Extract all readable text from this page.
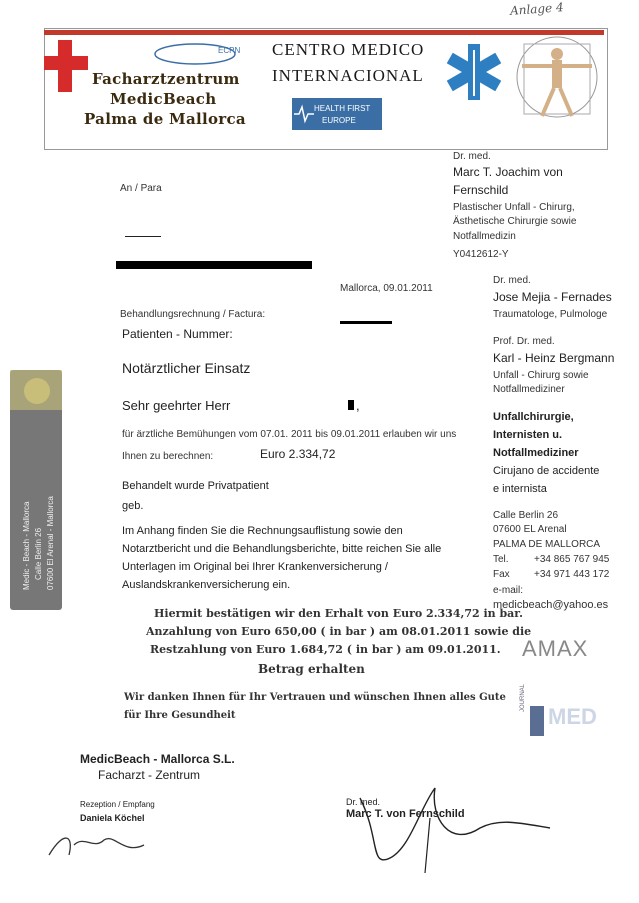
Anlage 4
ECPN
Facharztzentrum
MedicBeach
Palma de Mallorca
CENTRO MEDICO
INTERNACIONAL
HEALTH FIRST
EUROPE
Dr. med.
Marc T. Joachim von
Fernschild
Plastischer Unfall - Chirurg,
Ästhetische Chirurgie sowie
Notfallmedizin
Y0412612-Y
Dr. med.
Jose Mejia - Fernades
Traumatologe, Pulmologe
Prof. Dr. med.
Karl - Heinz Bergmann
Unfall - Chirurg sowie
Notfallmediziner
Unfallchirurgie,
Internisten u.
Notfallmediziner
Cirujano de accidente
e internista
Calle Berlin 26
07600 EL Arenal
PALMA DE MALLORCA
Tel.	+34 865 767 945
Fax +34 971 443 172
e-mail:
medicbeach@yahoo.es
AMAX
MED
JOURNAL
Medic - Beach - Mallorca Calle Berlin 26 07600 El Arenal - Mallorca
An / Para
Mallorca, 09.01.2011
Behandlungsrechnung / Factura:
Patienten - Nummer:
Notärztlicher Einsatz
Sehr geehrter Herr	,
für ärztliche Bemühungen vom 07.01. 2011 bis 09.01.2011 erlauben wir uns
Ihnen zu berechnen:	Euro 2.334,72
Behandelt wurde Privatpatient
geb.
Im Anhang finden Sie die Rechnungsauflistung sowie den
Notarztbericht und die Behandlungsberichte, bitte reichen Sie alle
Unterlagen im Original bei Ihrer Krankenversicherung /
Auslandskrankenversicherung ein.
Hiermit bestätigen wir den Erhalt von Euro 2.334,72 in bar.
Anzahlung von Euro 650,00 ( in bar ) am 08.01.2011 sowie die
Restzahlung von Euro 1.684,72 ( in bar ) am 09.01.2011.
Betrag erhalten
Wir danken Ihnen für Ihr Vertrauen und wünschen Ihnen alles Gute
für Ihre Gesundheit
MedicBeach - Mallorca S.L.
Facharzt - Zentrum
Rezeption / Empfang
Daniela Köchel
Dr. med.
Marc T. von Fernschild
